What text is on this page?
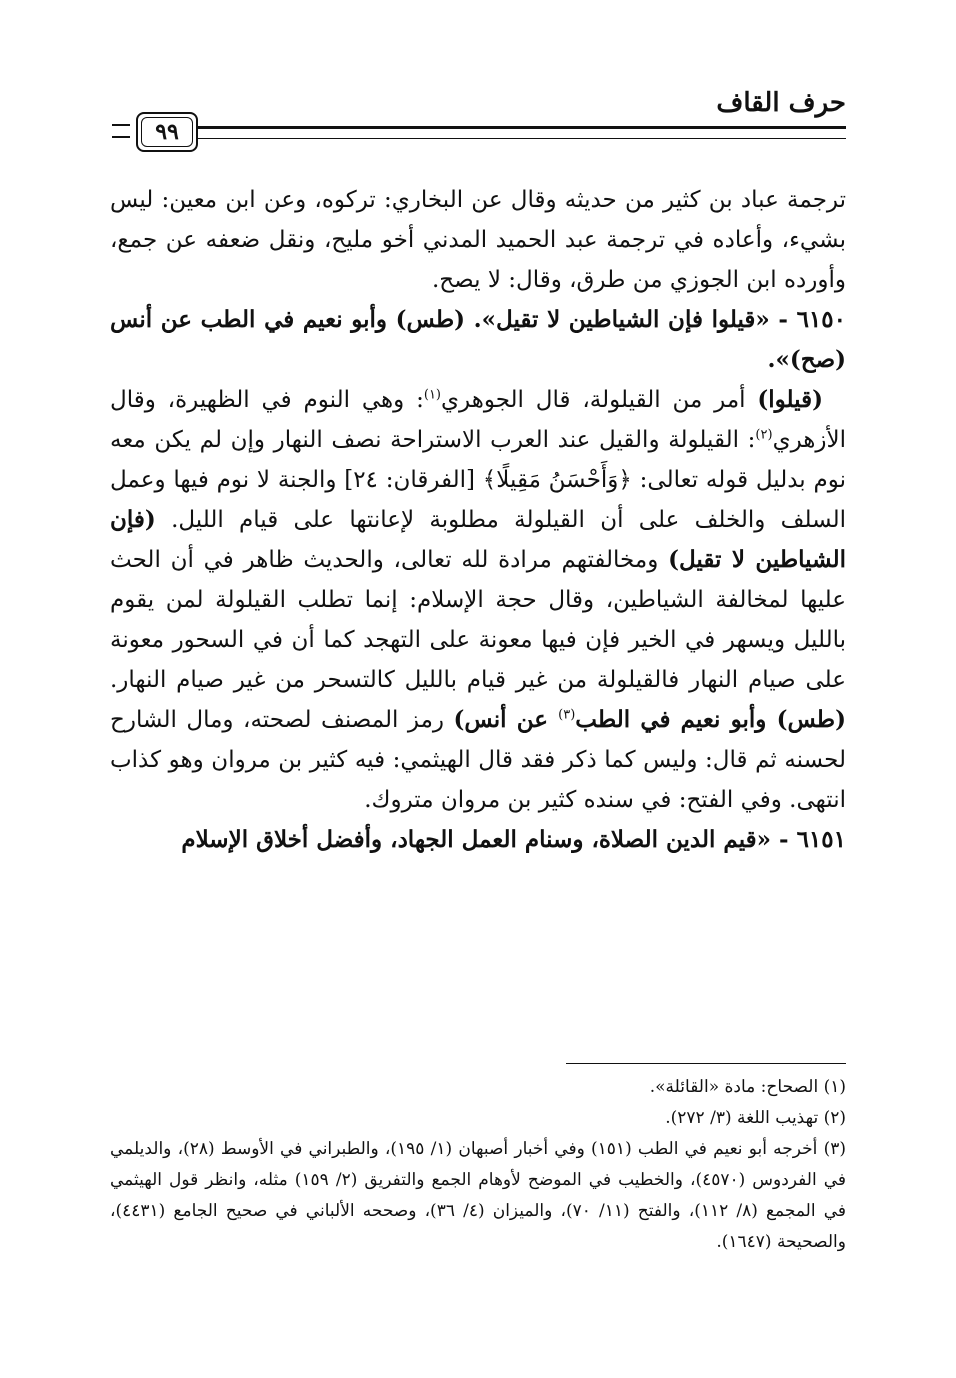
حرف القاف
٩٩

ترجمة عباد بن كثير من حديثه وقال عن البخاري: تركوه، وعن ابن معين: ليس بشيء، وأعاده في ترجمة عبد الحميد المدني أخو مليح، ونقل ضعفه عن جمع، وأورده ابن الجوزي من طرق، وقال: لا يصح.

٦١٥٠ - «قيلوا فإن الشياطين لا تقيل». (طس) وأبو نعيم في الطب عن أنس (صح)».

 (قيلوا) أمر من القيلولة، قال الجوهري$^{(١)}$: وهي النوم في الظهيرة، وقال الأزهري$^{(٢)}$: القيلولة والقيل عند العرب الاستراحة نصف النهار وإن لم يكن معه نوم بدليل قوله تعالى: ﴿وَأَحْسَنُ مَقِيلًا﴾ [الفرقان: ٢٤] والجنة لا نوم فيها وعمل السلف والخلف على أن القيلولة مطلوبة لإعانتها على قيام الليل. (فإن الشياطين لا تقيل) ومخالفتهم مرادة لله تعالى، والحديث ظاهر في أن الحث عليها لمخالفة الشياطين، وقال حجة الإسلام: إنما تطلب القيلولة لمن يقوم بالليل ويسهر في الخير فإن فيها معونة على التهجد كما أن في السحور معونة على صيام النهار فالقيلولة من غير قيام بالليل كالتسحر من غير صيام النهار. (طس) وأبو نعيم في الطب$^{(٣)}$ عن أنس) رمز المصنف لصحته، ومال الشارح لحسنه ثم قال: وليس كما ذكر فقد قال الهيثمي: فيه كثير بن مروان وهو كذاب انتهى. وفي الفتح: في سنده كثير بن مروان متروك.

٦١٥١ - «قيم الدين الصلاة، وسنام العمل الجهاد، وأفضل أخلاق الإسلام

(١) الصحاح: مادة «القائلة».

(٢) تهذيب اللغة (٣/ ٢٧٢).

(٣) أخرجه أبو نعيم في الطب (١٥١) وفي أخبار أصبهان (١/ ١٩٥)، والطبراني في الأوسط (٢٨)، والديلمي في الفردوس (٤٥٧٠)، والخطيب في الموضح لأوهام الجمع والتفريق (٢/ ١٥٩) مثله، وانظر قول الهيثمي في المجمع (٨/ ١١٢)، والفتح (١١/ ٧٠)، والميزان (٤/ ٣٦)، وصححه الألباني في صحيح الجامع (٤٤٣١)، والصحيحة (١٦٤٧).
